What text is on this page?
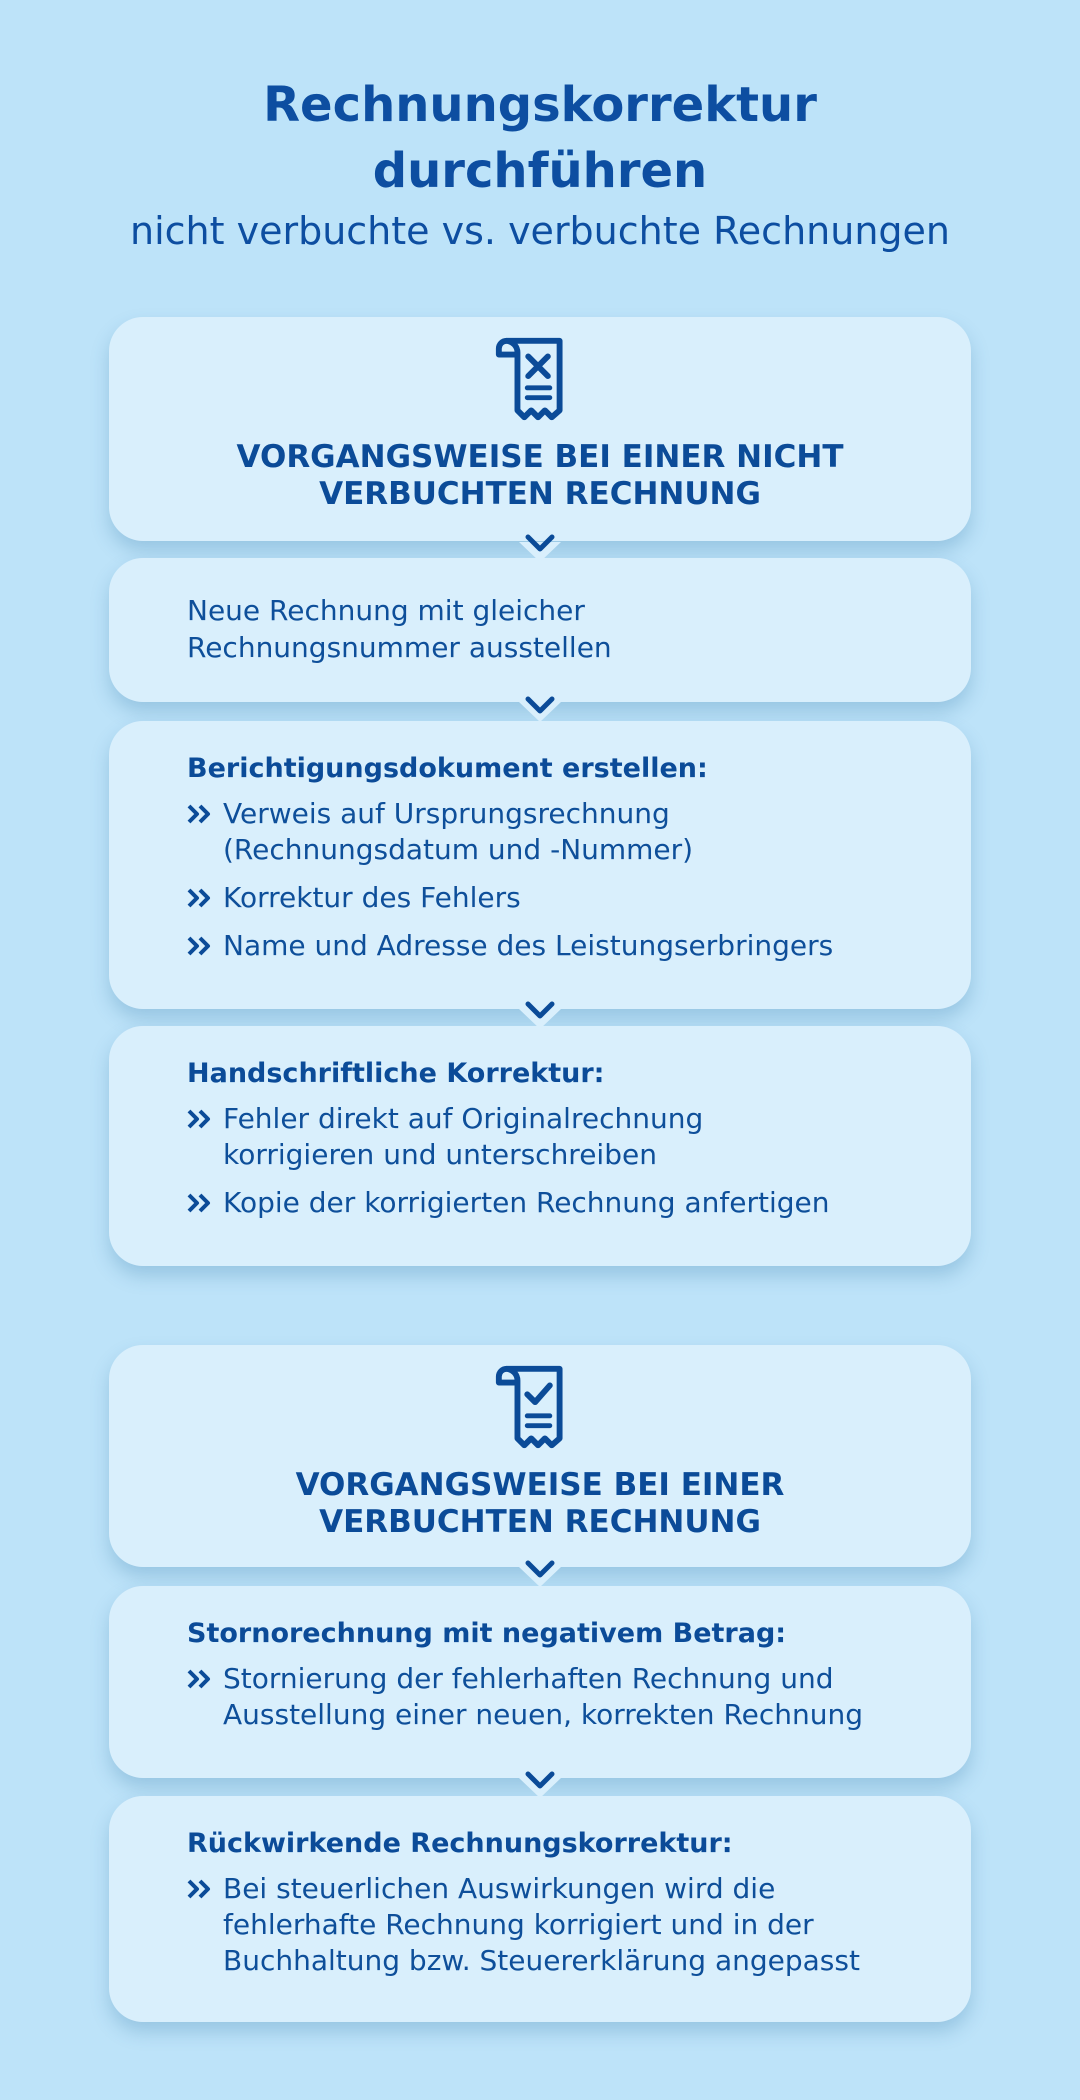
Rechnungskorrektur
durchführen

nicht verbuchte vs. verbuchte Rechnungen

VORGANGSWEISE BEI EINER NICHT
VERBUCHTEN RECHNUNG
Neue Rechnung mit gleicher
Rechnungsnummer ausstellen
Berichtigungsdokument erstellen:
Verweis auf Ursprungsrechnung
(Rechnungsdatum und -Nummer)
Korrektur des Fehlers
Name und Adresse des Leistungserbringers
Handschriftliche Korrektur:
Fehler direkt auf Originalrechnung
korrigieren und unterschreiben
Kopie der korrigierten Rechnung anfertigen
VORGANGSWEISE BEI EINER
VERBUCHTEN RECHNUNG
Stornorechnung mit negativem Betrag:
Stornierung der fehlerhaften Rechnung und
Ausstellung einer neuen, korrekten Rechnung
Rückwirkende Rechnungskorrektur:
Bei steuerlichen Auswirkungen wird die
fehlerhafte Rechnung korrigiert und in der
Buchhaltung bzw. Steuererklärung angepasst
